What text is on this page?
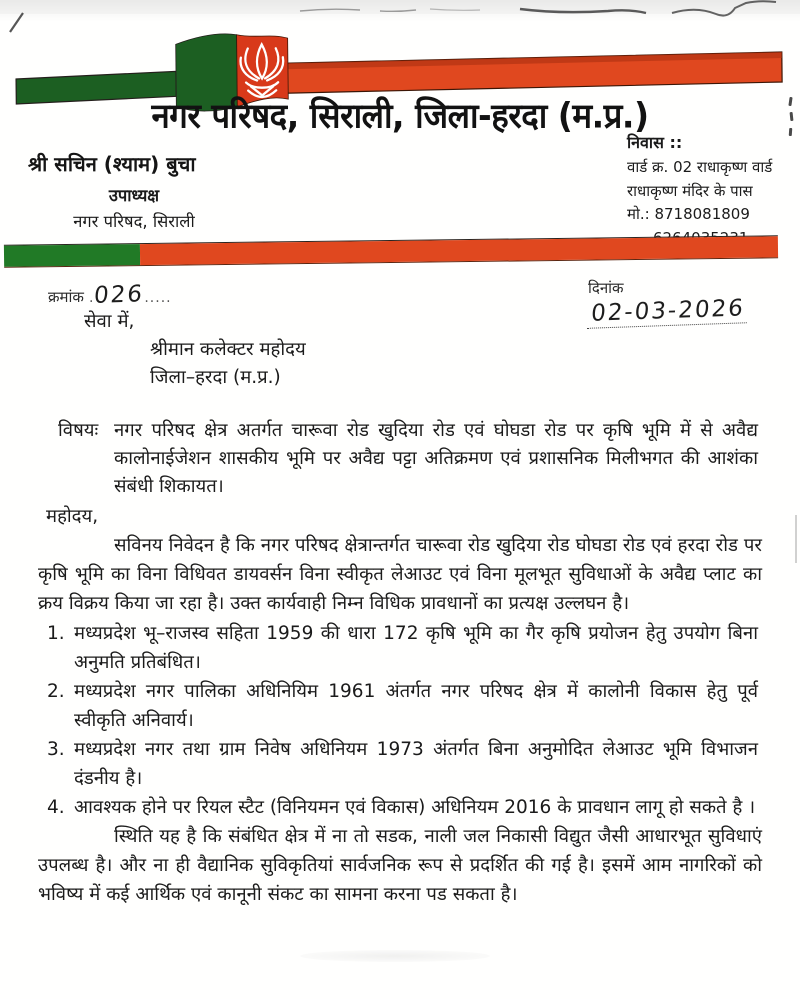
नगर परिषद, सिराली, जिला-हरदा (म.प्र.)
श्री सचिन (श्याम) बुचा
उपाध्यक्ष
नगर परिषद, सिराली
निवास ::
वार्ड क्र. 02 राधाकृष्ण वार्ड
राधाकृष्ण मंदिर के पास
मो.: 8718081809
क्रमांक .026.....
दिनांक 02-03-2026
सेवा में,
श्रीमान कलेक्टर महोदय
जिला–हरदा (म.प्र.)
विषयः नगर परिषद क्षेत्र अतर्गत चारूवा रोड खुदिया रोड एवं घोघडा रोड पर कृषि भूमि में से अवैद्य कालोनाईजेशन शासकीय भूमि पर अवैद्य पट्टा अतिक्रमण एवं प्रशासनिक मिलीभगत की आशंका संबंधी शिकायत।
महोदय,
सविनय निवेदन है कि नगर परिषद क्षेत्रान्तर्गत चारूवा रोड खुदिया रोड घोघडा रोड एवं हरदा रोड पर कृषि भूमि का विना विधिवत डायवर्सन विना स्वीकृत लेआउट एवं विना मूलभूत सुविधाओं के अवैद्य प्लाट का क्रय विक्रय किया जा रहा है। उक्त कार्यवाही निम्न विधिक प्रावधानों का प्रत्यक्ष उल्लघन है।
1. मध्यप्रदेश भू–राजस्व सहिता 1959 की धारा 172 कृषि भूमि का गैर कृषि प्रयोजन हेतु उपयोग बिना अनुमति प्रतिबंधित।
2. मध्यप्रदेश नगर पालिका अधिनियिम 1961 अंतर्गत नगर परिषद क्षेत्र में कालोनी विकास हेतु पूर्व स्वीकृति अनिवार्य।
3. मध्यप्रदेश नगर तथा ग्राम निवेष अधिनियम 1973 अंतर्गत बिना अनुमोदित लेआउट भूमि विभाजन दंडनीय है।
4. आवश्यक होने पर रियल स्टैट (विनियमन एवं विकास) अधिनियम 2016 के प्रावधान लागू हो सकते है ।
स्थिति यह है कि संबंधित क्षेत्र में ना तो सडक, नाली जल निकासी विद्युत जैसी आधारभूत सुविधाएं उपलब्ध है। और ना ही वैद्यानिक सुविकृतियां सार्वजनिक रूप से प्रदर्शित की गई है। इसमें आम नागरिकों को भविष्य में कई आर्थिक एवं कानूनी संकट का सामना करना पड सकता है।
